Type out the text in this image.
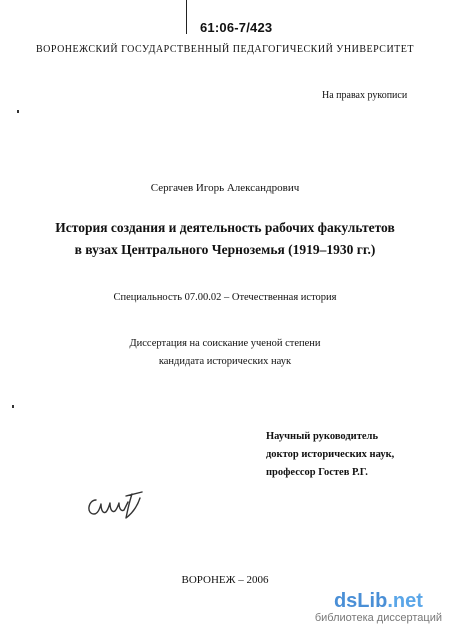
61:06-7/423
ВОРОНЕЖСКИЙ ГОСУДАРСТВЕННЫЙ ПЕДАГОГИЧЕСКИЙ УНИВЕРСИТЕТ
На правах рукописи
Сергачев Игорь Александрович
История создания и деятельность рабочих факультетов
в вузах Центрального Черноземья (1919–1930 гг.)
Специальность 07.00.02 – Отечественная история
Диссертация на соискание ученой степени
кандидата исторических наук
Научный руководитель
доктор исторических наук,
профессор Гостев Р.Г.
ВОРОНЕЖ – 2006
dsLib.net
библиотека диссертаций
